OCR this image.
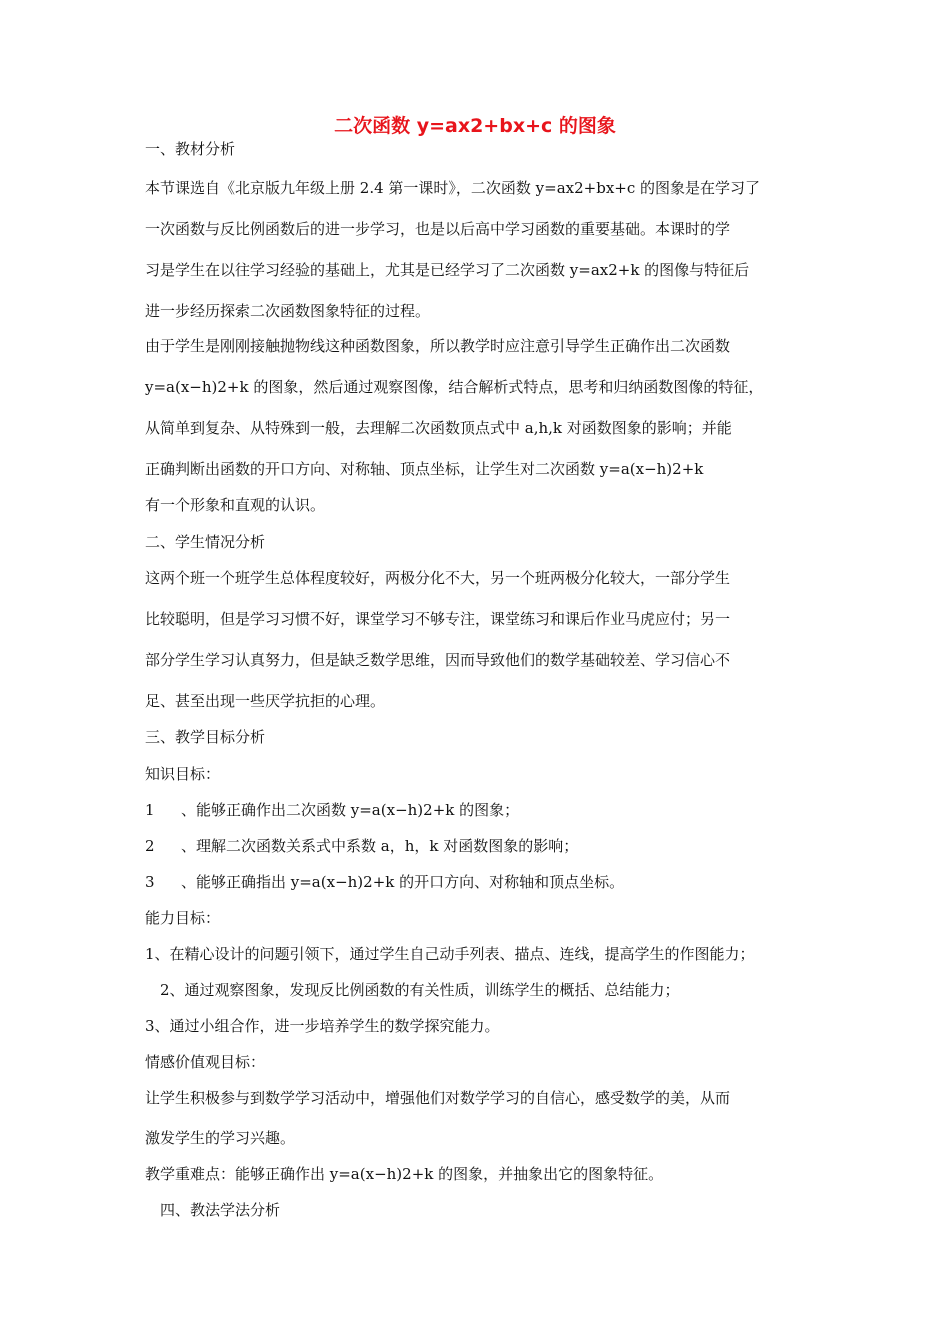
二次函数 y=ax2+bx+c 的图象
一、教材分析
本节课选自《北京版九年级上册 2.4 第一课时》，二次函数 y=ax2+bx+c 的图象是在学习了
一次函数与反比例函数后的进一步学习，也是以后高中学习函数的重要基础。本课时的学
习是学生在以往学习经验的基础上，尤其是已经学习了二次函数 y=ax2+k 的图像与特征后
进一步经历探索二次函数图象特征的过程。
由于学生是刚刚接触抛物线这种函数图象，所以教学时应注意引导学生正确作出二次函数
y=a(x−h)2+k 的图象，然后通过观察图像，结合解析式特点，思考和归纳函数图像的特征，
从简单到复杂、从特殊到一般，去理解二次函数顶点式中 a,h,k 对函数图象的影响；并能
正确判断出函数的开口方向、对称轴、顶点坐标，让学生对二次函数 y=a(x−h)2+k
有一个形象和直观的认识。
二、学生情况分析
这两个班一个班学生总体程度较好，两极分化不大，另一个班两极分化较大，一部分学生
比较聪明，但是学习习惯不好，课堂学习不够专注，课堂练习和课后作业马虎应付；另一
部分学生学习认真努力，但是缺乏数学思维，因而导致他们的数学基础较差、学习信心不
足、甚至出现一些厌学抗拒的心理。
三、教学目标分析
知识目标：
1 、能够正确作出二次函数 y=a(x−h)2+k 的图象；
2 、理解二次函数关系式中系数 a，h，k 对函数图象的影响；
3 、能够正确指出 y=a(x−h)2+k 的开口方向、对称轴和顶点坐标。
能力目标：
1、在精心设计的问题引领下，通过学生自己动手列表、描点、连线，提高学生的作图能力；
2、通过观察图象，发现反比例函数的有关性质，训练学生的概括、总结能力；
3、通过小组合作，进一步培养学生的数学探究能力。
情感价值观目标：
让学生积极参与到数学学习活动中，增强他们对数学学习的自信心，感受数学的美，从而
激发学生的学习兴趣。
教学重难点：能够正确作出 y=a(x−h)2+k 的图象，并抽象出它的图象特征。
四、教法学法分析
